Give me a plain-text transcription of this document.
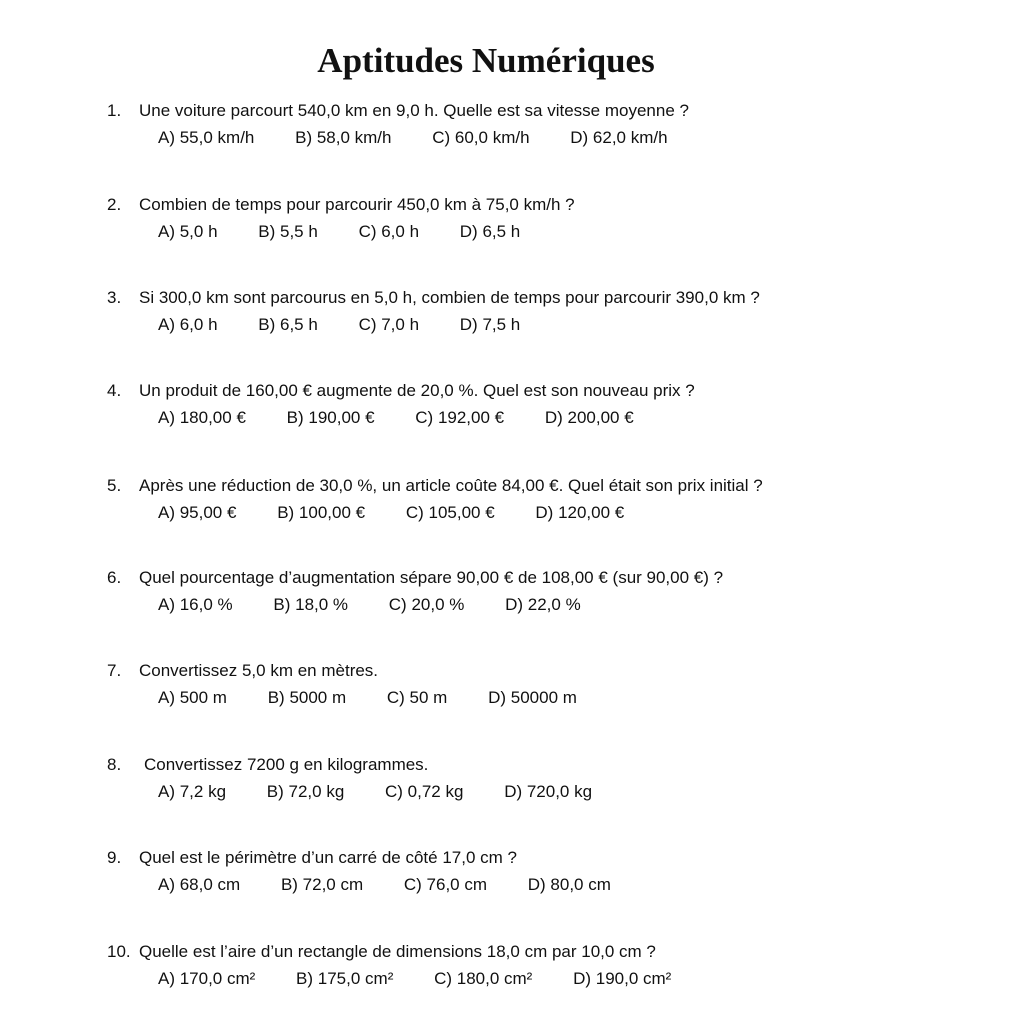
Aptitudes Numériques
1. Une voiture parcourt 540,0 km en 9,0 h. Quelle est sa vitesse moyenne ?
A) 55,0 km/h B) 58,0 km/h C) 60,0 km/h D) 62,0 km/h
2. Combien de temps pour parcourir 450,0 km à 75,0 km/h ?
A) 5,0 h B) 5,5 h C) 6,0 h D) 6,5 h
3. Si 300,0 km sont parcourus en 5,0 h, combien de temps pour parcourir 390,0 km ?
A) 6,0 h B) 6,5 h C) 7,0 h D) 7,5 h
4. Un produit de 160,00 € augmente de 20,0 %. Quel est son nouveau prix ?
A) 180,00 € B) 190,00 € C) 192,00 € D) 200,00 €
5. Après une réduction de 30,0 %, un article coûte 84,00 €. Quel était son prix initial ?
A) 95,00 € B) 100,00 € C) 105,00 € D) 120,00 €
6. Quel pourcentage d’augmentation sépare 90,00 € de 108,00 € (sur 90,00 €) ?
A) 16,0 % B) 18,0 % C) 20,0 % D) 22,0 %
7. Convertissez 5,0 km en mètres.
A) 500 m B) 5000 m C) 50 m D) 50000 m
8. Convertissez 7200 g en kilogrammes.
A) 7,2 kg B) 72,0 kg C) 0,72 kg D) 720,0 kg
9. Quel est le périmètre d’un carré de côté 17,0 cm ?
A) 68,0 cm B) 72,0 cm C) 76,0 cm D) 80,0 cm
10. Quelle est l’aire d’un rectangle de dimensions 18,0 cm par 10,0 cm ?
A) 170,0 cm² B) 175,0 cm² C) 180,0 cm² D) 190,0 cm²
